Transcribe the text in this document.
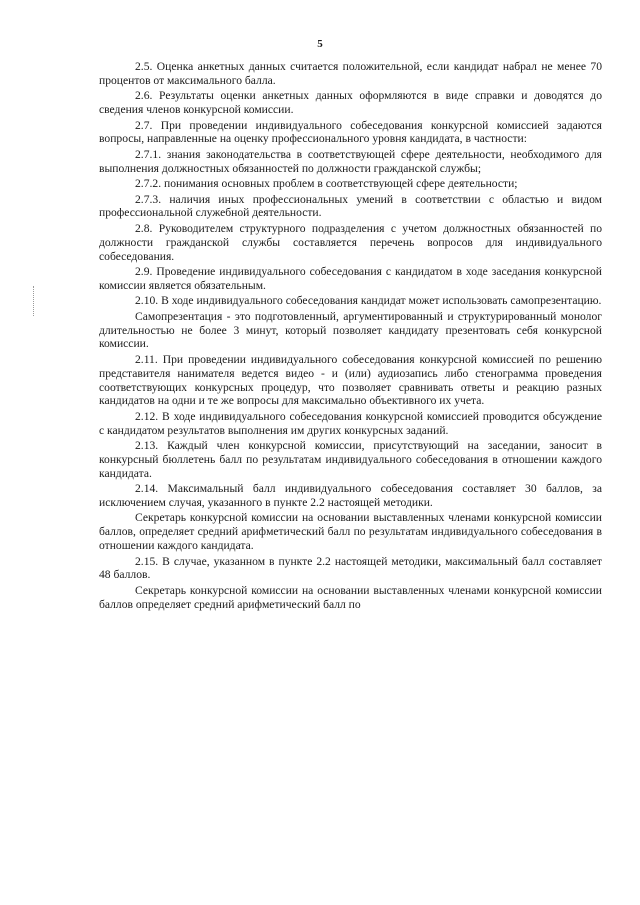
5

2.5. Оценка анкетных данных считается положительной, если кандидат набрал не менее 70 процентов от максимального балла.

2.6. Результаты оценки анкетных данных оформляются в виде справки и доводятся до сведения членов конкурсной комиссии.

2.7. При проведении индивидуального собеседования конкурсной комиссией задаются вопросы, направленные на оценку профессионального уровня кандидата, в частности:

2.7.1. знания законодательства в соответствующей сфере деятельности, необходимого для выполнения должностных обязанностей по должности гражданской службы;

2.7.2. понимания основных проблем в соответствующей сфере деятельности;

2.7.3. наличия иных профессиональных умений в соответствии с областью и видом профессиональной служебной деятельности.

2.8. Руководителем структурного подразделения с учетом должностных обязанностей по должности гражданской службы составляется перечень вопросов для индивидуального собеседования.

2.9. Проведение индивидуального собеседования с кандидатом в ходе заседания конкурсной комиссии является обязательным.

2.10. В ходе индивидуального собеседования кандидат может использовать самопрезентацию.

Самопрезентация - это подготовленный, аргументированный и структурированный монолог длительностью не более 3 минут, который позволяет кандидату презентовать себя конкурсной комиссии.

2.11. При проведении индивидуального собеседования конкурсной комиссией по решению представителя нанимателя ведется видео - и (или) аудиозапись либо стенограмма проведения соответствующих конкурсных процедур, что позволяет сравнивать ответы и реакцию разных кандидатов на одни и те же вопросы для максимально объективного их учета.

2.12. В ходе индивидуального собеседования конкурсной комиссией проводится обсуждение с кандидатом результатов выполнения им других конкурсных заданий.

2.13. Каждый член конкурсной комиссии, присутствующий на заседании, заносит в конкурсный бюллетень балл по результатам индивидуального собеседования в отношении каждого кандидата.

2.14. Максимальный балл индивидуального собеседования составляет 30 баллов, за исключением случая, указанного в пункте 2.2 настоящей методики.

Секретарь конкурсной комиссии на основании выставленных членами конкурсной комиссии баллов, определяет средний арифметический балл по результатам индивидуального собеседования в отношении каждого кандидата.

2.15. В случае, указанном в пункте 2.2 настоящей методики, максимальный балл составляет 48 баллов.

Секретарь конкурсной комиссии на основании выставленных членами конкурсной комиссии баллов определяет средний арифметический балл по
